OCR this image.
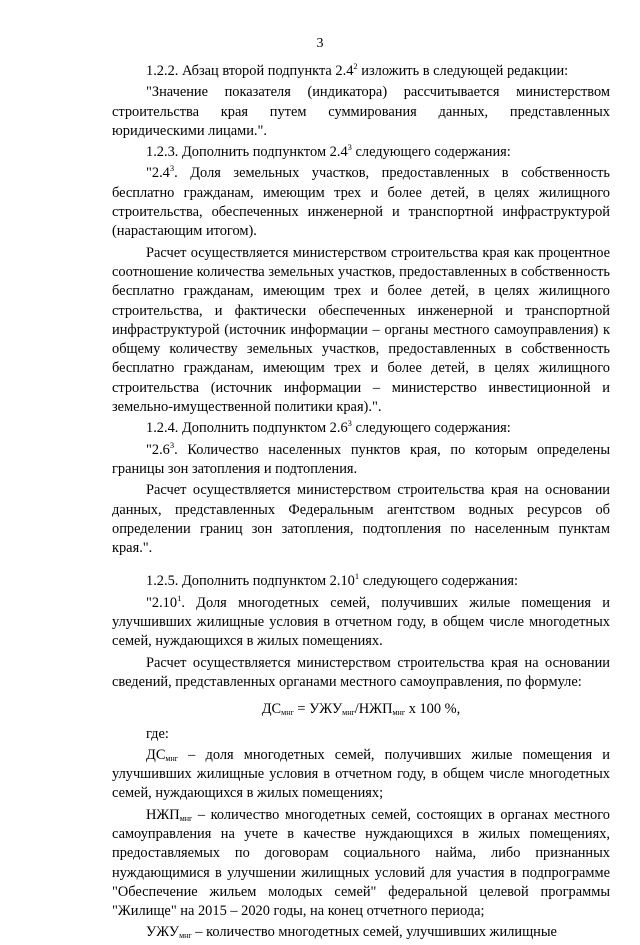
3

1.2.2. Абзац второй подпункта $2.4^2$ изложить в следующей редакции:

"Значение показателя (индикатора) рассчитывается министерством строительства края путем суммирования данных, представленных юридическими лицами.".

1.2.3. Дополнить подпунктом $2.4^3$ следующего содержания:

"$2.4^3$. Доля земельных участков, предоставленных в собственность бесплатно гражданам, имеющим трех и более детей, в целях жилищного строительства, обеспеченных инженерной и транспортной инфраструктурой (нарастающим итогом).

Расчет осуществляется министерством строительства края как процентное соотношение количества земельных участков, предоставленных в собственность бесплатно гражданам, имеющим трех и более детей, в целях жилищного строительства, и фактически обеспеченных инженерной и транспортной инфраструктурой (источник информации – органы местного самоуправления) к общему количеству земельных участков, предоставленных в собственность бесплатно гражданам, имеющим трех и более детей, в целях жилищного строительства (источник информации – министерство инвестиционной и земельно-имущественной политики края).".

1.2.4. Дополнить подпунктом $2.6^3$ следующего содержания:

"$2.6^3$. Количество населенных пунктов края, по которым определены границы зон затопления и подтопления.

Расчет осуществляется министерством строительства края на основании данных, представленных Федеральным агентством водных ресурсов об определении границ зон затопления, подтопления по населенным пунктам края.".

1.2.5. Дополнить подпунктом 2.10$^1$ следующего содержания:

"2.10$^1$. Доля многодетных семей, получивших жилые помещения и улучшивших жилищные условия в отчетном году, в общем числе многодетных семей, нуждающихся в жилых помещениях.

Расчет осуществляется министерством строительства края на основании сведений, представленных органами местного самоуправления, по формуле:

$ДС_{мнг} = УЖУ_{мнг}/НЖП_{мнг}$ х 100 %,

где:

$ДС_{мнг}$ – доля многодетных семей, получивших жилые помещения и улучшивших жилищные условия в отчетном году, в общем числе многодетных семей, нуждающихся в жилых помещениях;

$НЖП_{мнг}$ – количество многодетных семей, состоящих в органах местного самоуправления на учете в качестве нуждающихся в жилых помещениях, предоставляемых по договорам социального найма, либо признанных нуждающимися в улучшении жилищных условий для участия в подпрограмме "Обеспечение жильем молодых семей" федеральной целевой программы "Жилище" на 2015 – 2020 годы, на конец отчетного периода;

$УЖУ_{мнг}$ – количество многодетных семей, улучшивших жилищные
